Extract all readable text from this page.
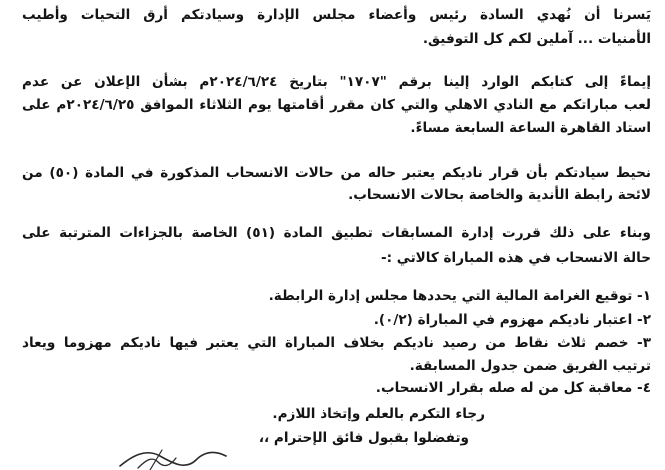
يَسرنا أن نُهدي السادة رئيس وأعضاء مجلس الإدارة وسيادتكم أرق التحيات وأطيب
الأمنيات ... آملين لكم كل التوفيق.
إيماءً إلى كتابكم الوارد إلينا برقم "١٧٠٧" بتاريخ ٢٠٢٤/٦/٢٤م بشأن الإعلان عن عدم
لعب مباراتكم مع النادي الاهلي والتي كان مقرر أقامتها يوم الثلاثاء الموافق ٢٠٢٤/٦/٢٥م على
استاد القاهرة الساعة السابعة مساءً.
نحيط سيادتكم بأن قرار ناديكم يعتبر حاله من حالات الانسحاب المذكورة في المادة (٥٠) من
لائحة رابطة الأندية والخاصة بحالات الانسحاب.
وبناء على ذلك قررت إدارة المسابقات تطبيق المادة (٥١) الخاصة بالجزاءات المترتبة على
حالة الانسحاب في هذه المباراة كالاتي :-
١- توقيع الغرامة المالية التي يحددها مجلس إدارة الرابطة.
٢- اعتبار ناديكم مهزوم في المباراة (٠/٢).
٣- خصم ثلاث نقاط من رصيد ناديكم بخلاف المباراة التي يعتبر فيها ناديكم مهزوما ويعاد
ترتيب الفريق ضمن جدول المسابقة.
٤- معاقبة كل من له صله بقرار الانسحاب.
رجاء التكرم بالعلم وإتخاذ اللازم.
وتفضلوا بقبول فائق الإحترام ،،
